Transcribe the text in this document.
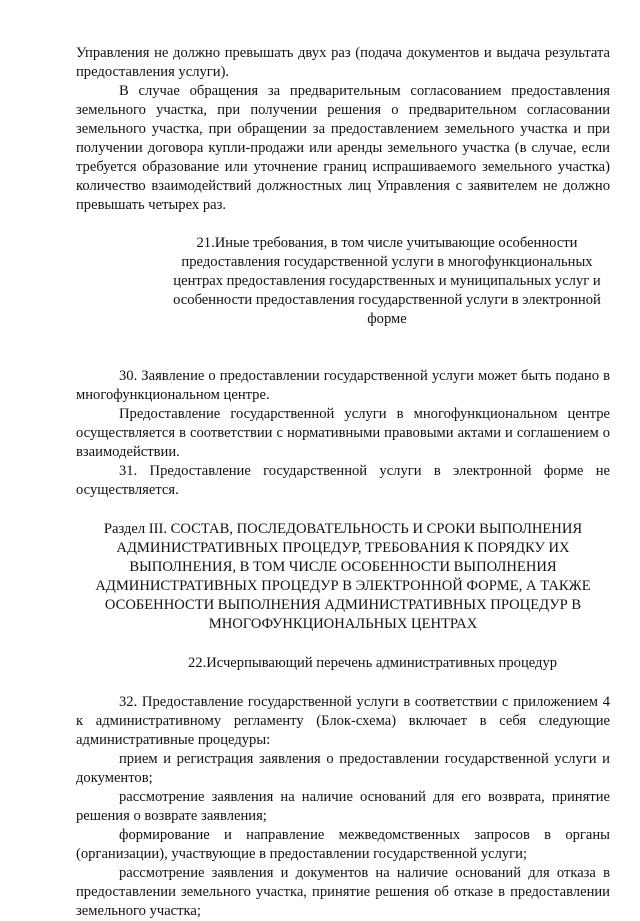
Управления не должно превышать двух раз (подача документов и выдача результата предоставления услуги).

В случае обращения за предварительным согласованием предоставления земельного участка, при получении решения о предварительном согласовании земельного участка, при обращении за предоставлением земельного участка и при получении договора купли-продажи или аренды земельного участка (в случае, если требуется образование или уточнение границ испрашиваемого земельного участка) количество взаимодействий должностных лиц Управления с заявителем не должно превышать четырех раз.

21.Иные требования, в том числе учитывающие особенности предоставления государственной услуги в многофункциональных центрах предоставления государственных и муниципальных услуг и особенности предоставления государственной услуги в электронной форме

30. Заявление о предоставлении государственной услуги может быть подано в многофункциональном центре.

Предоставление государственной услуги в многофункциональном центре осуществляется в соответствии с нормативными правовыми актами и соглашением о взаимодействии.

31. Предоставление государственной услуги в электронной форме не осуществляется.

Раздел III. СОСТАВ, ПОСЛЕДОВАТЕЛЬНОСТЬ И СРОКИ ВЫПОЛНЕНИЯ АДМИНИСТРАТИВНЫХ ПРОЦЕДУР, ТРЕБОВАНИЯ К ПОРЯДКУ ИХ ВЫПОЛНЕНИЯ, В ТОМ ЧИСЛЕ ОСОБЕННОСТИ ВЫПОЛНЕНИЯ АДМИНИСТРАТИВНЫХ ПРОЦЕДУР В ЭЛЕКТРОННОЙ ФОРМЕ, А ТАКЖЕ ОСОБЕННОСТИ ВЫПОЛНЕНИЯ АДМИНИСТРАТИВНЫХ ПРОЦЕДУР В МНОГОФУНКЦИОНАЛЬНЫХ ЦЕНТРАХ

22.Исчерпывающий перечень административных процедур

32. Предоставление государственной услуги в соответствии с приложением 4 к административному регламенту (Блок-схема) включает в себя следующие административные процедуры:

прием и регистрация заявления о предоставлении государственной услуги и документов;

рассмотрение заявления на наличие оснований для его возврата, принятие решения о возврате заявления;

формирование и направление межведомственных запросов в органы (организации), участвующие в предоставлении государственной услуги;

рассмотрение заявления и документов на наличие оснований для отказа в предоставлении земельного участка, принятие решения об отказе в предоставлении земельного участка;
